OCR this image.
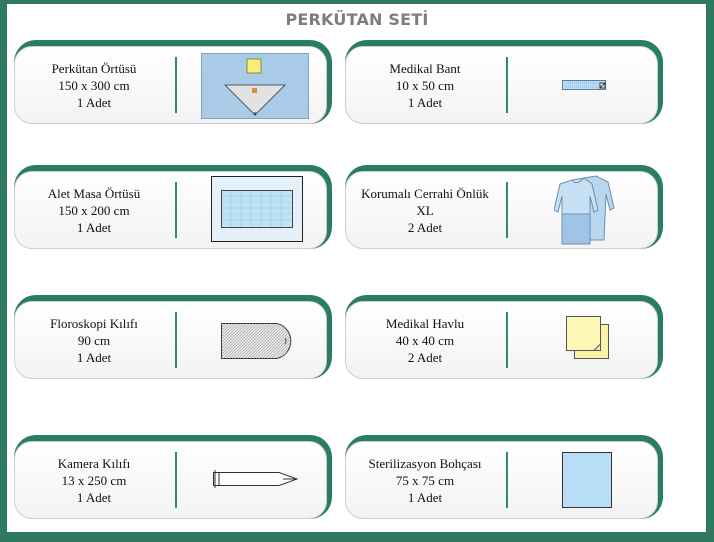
PERKÜTAN SETİ
Perkütan Örtüsü
150 x 300 cm
1 Adet
Medikal Bant
10 x 50 cm
1 Adet
Alet Masa Örtüsü
150 x 200 cm
1 Adet
Korumalı Cerrahi Önlük
XL
2 Adet
Floroskopi Kılıfı
90 cm
1 Adet
Medikal Havlu
40 x 40 cm
2 Adet
Kamera Kılıfı
13 x 250 cm
1 Adet
Sterilizasyon Bohçası
75 x 75 cm
1 Adet
